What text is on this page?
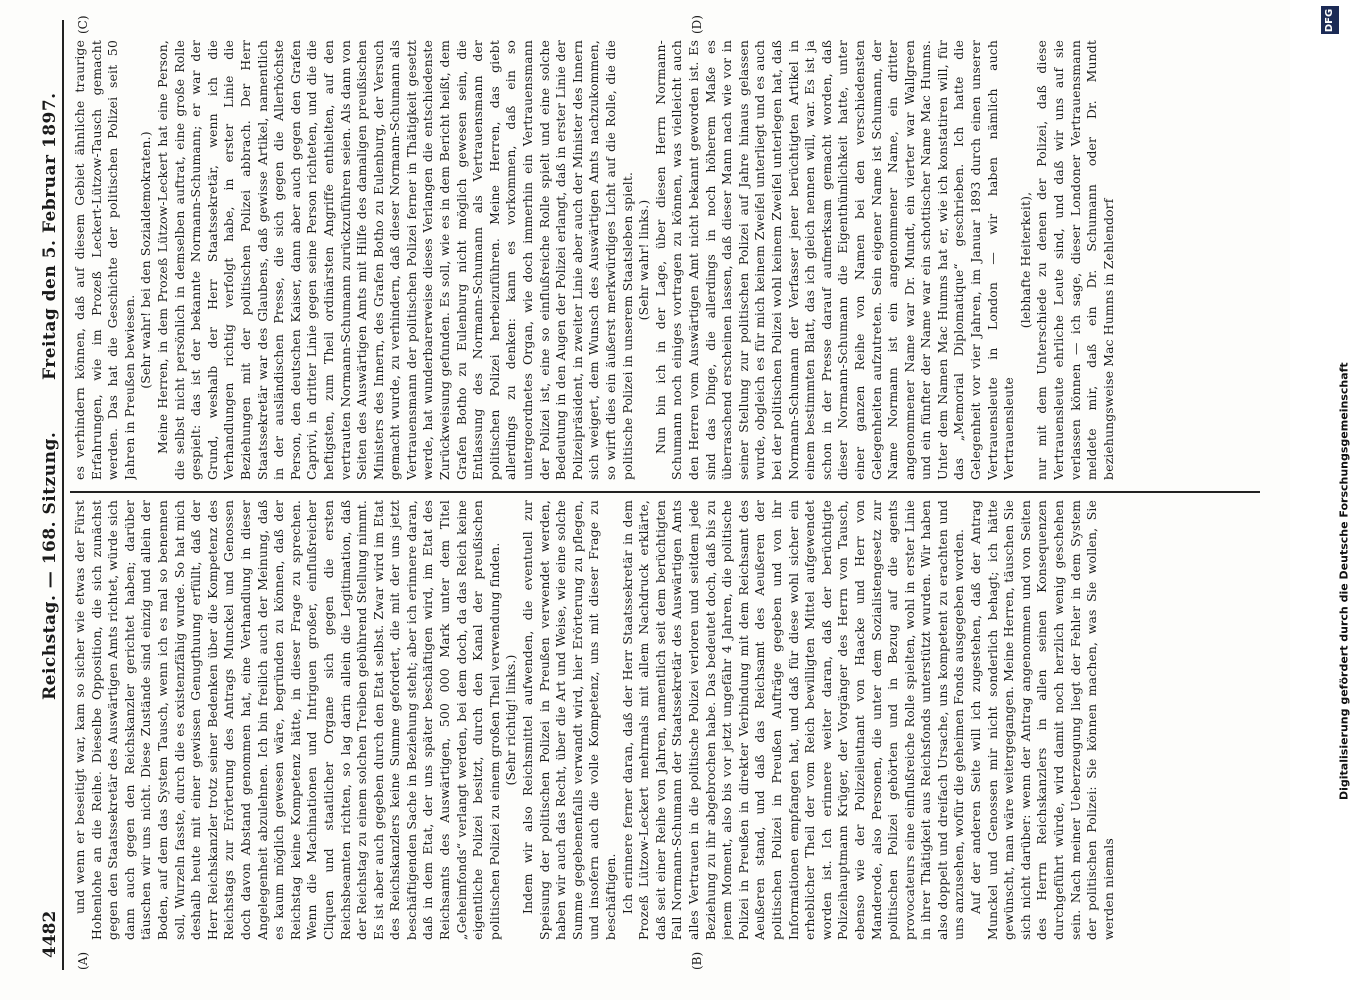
4482
Reichstag. — 168. Sitzung.
Freitag den 5. Februar 1897.
(A)	(B)
(C)	(D)

und wenn er beseitigt war, kam so sicher wie etwas der Fürst Hohenlohe an die Reihe. Dieselbe Opposition, die sich zunächst gegen den Staatssekretär des Auswärtigen Amts richtet, würde sich dann auch gegen den Reichskanzler gerichtet haben; darüber täuschen wir uns nicht. Diese Zustände sind einzig und allein der Boden, auf dem das System Tausch, wenn ich es mal so benennen soll, Wurzeln fasste, durch die es existenzfähig wurde. So hat mich deshalb heute mit einer gewissen Genugthuung erfüllt, daß der Herr Reichskanzler trotz seiner Bedenken über die Kompetenz des Reichstags zur Erörterung des Antrags Munckel und Genossen doch davon Abstand genommen hat, eine Verhandlung in dieser Angelegenheit abzulehnen. Ich bin freilich auch der Meinung, daß es kaum möglich gewesen wäre, begründen zu können, daß der Reichstag keine Kompetenz hätte, in dieser Frage zu sprechen. Wenn die Machinationen und Intriguen großer, einflußreicher Cliquen und staatlicher Organe sich gegen die ersten Reichsbeamten richten, so lag darin allein die Legitimation, daß der Reichstag zu einem solchen Treiben gebührend Stellung nimmt. Es ist aber auch gegeben durch den Etat selbst. Zwar wird im Etat des Reichskanzlers keine Summe gefordert, die mit der uns jetzt beschäftigenden Sache in Beziehung steht; aber ich erinnere daran, daß in dem Etat, der uns später beschäftigen wird, im Etat des Reichsamts des Auswärtigen, 500 000 Mark unter dem Titel „Geheimfonds“ verlangt werden, bei dem doch, da das Reich keine eigentliche Polizei besitzt, durch den Kanal der preußischen politischen Polizei zu einem großen Theil verwendung finden. (Sehr richtig! links.) Indem wir also Reichsmittel aufwenden, die eventuell zur Speisung der politischen Polizei in Preußen verwendet werden, haben wir auch das Recht, über die Art und Weise, wie eine solche Summe gegebenenfalls verwandt wird, hier Erörterung zu pflegen, und insofern auch die volle Kompetenz, uns mit dieser Frage zu beschäftigen. Ich erinnere ferner daran, daß der Herr Staatssekretär in dem Prozeß Lützow-Leckert mehrmals mit allem Nachdruck erklärte, daß seit einer Reihe von Jahren, namentlich seit dem berüchtigten Fall Normann-Schumann der Staatssekretär des Auswärtigen Amts alles Vertrauen in die politische Polizei verloren und seitdem jede Beziehung zu ihr abgebrochen habe. Das bedeutet doch, daß bis zu jenem Moment, also bis vor jetzt ungefähr 4 Jahren, die politische Polizei in Preußen in direkter Verbindung mit dem Reichsamt des Aeußeren stand, und daß das Reichsamt des Aeußeren der politischen Polizei in Preußen Aufträge gegeben und von ihr Informationen empfangen hat, und daß für diese wohl sicher ein erheblicher Theil der vom Reich bewilligten Mittel aufgewendet worden ist. Ich erinnere weiter daran, daß der berüchtigte Polizeihauptmann Krüger, der Vorgänger des Herrn von Tausch, ebenso wie der Polizeileutnant von Haacke und Herr von Manderode, also Personen, die unter dem Sozialistengesetz zur politischen Polizei gehörten und in Bezug auf die agents provocateurs eine einflußreiche Rolle spielten, wohl in erster Linie in ihrer Thätigkeit aus Reichsfonds unterstützt wurden. Wir haben also doppelt und dreifach Ursache, uns kompetent zu erachten und uns anzusehen, wofür die geheimen Fonds ausgegeben worden. Auf der anderen Seite will ich zugestehen, daß der Antrag Munckel und Genossen mir nicht sonderlich behagt; ich hätte gewünscht, man wäre weitergegangen. Meine Herren, täuschen Sie sich nicht darüber: wenn der Antrag angenommen und von Seiten des Herrn Reichskanzlers in allen seinen Konsequenzen durchgeführt würde, wird damit noch herzlich wenig geschehen sein. Nach meiner Ueberzeugung liegt der Fehler in dem System der politischen Polizei: Sie können machen, was Sie wollen, Sie werden niemals

es verhindern können, daß auf diesem Gebiet ähnliche traurige Erfahrungen, wie im Prozeß Leckert-Lützow-Tausch gemacht werden. Das hat die Geschichte der politischen Polizei seit 50 Jahren in Preußen bewiesen. (Sehr wahr! bei den Sozialdemokraten.) Meine Herren, in dem Prozeß Lützow-Leckert hat eine Person, die selbst nicht persönlich in demselben auftrat, eine große Rolle gespielt: das ist der bekannte Normann-Schumann; er war der Grund, weshalb der Herr Staatssekretär, wenn ich die Verhandlungen richtig verfolgt habe, in erster Linie die Beziehungen mit der politischen Polizei abbrach. Der Herr Staatssekretär war des Glaubens, daß gewisse Artikel, namentlich in der ausländischen Presse, die sich gegen die Allerhöchste Person, den deutschen Kaiser, dann aber auch gegen den Grafen Caprivi, in dritter Linie gegen seine Person richteten, und die die heftigsten, zum Theil ordinärsten Angriffe enthielten, auf den vertrauten Normann-Schumann zurückzuführen seien. Als dann von Seiten des Auswärtigen Amts mit Hilfe des damaligen preußischen Ministers des Innern, des Grafen Botho zu Eulenburg, der Versuch gemacht wurde, zu verhindern, daß dieser Normann-Schumann als Vertrauensmann der politischen Polizei ferner in Thätigkeit gesetzt werde, hat wunderbarerweise dieses Verlangen die entschiedenste Zurückweisung gefunden. Es soll, wie es in dem Bericht heißt, dem Grafen Botho zu Eulenburg nicht möglich gewesen sein, die Entlassung des Normann-Schumann als Vertrauensmann der politischen Polizei herbeizuführen. Meine Herren, das giebt allerdings zu denken: kann es vorkommen, daß ein so untergeordnetes Organ, wie doch immerhin ein Vertrauensmann der Polizei ist, eine so einflußreiche Rolle spielt und eine solche Bedeutung in den Augen der Polizei erlangt, daß in erster Linie der Polizeipräsident, in zweiter Linie aber auch der Minister des Innern sich weigert, dem Wunsch des Auswärtigen Amts nachzukommen, so wirft dies ein äußerst merkwürdiges Licht auf die Rolle, die die politische Polizei in unserem Staatsleben spielt. (Sehr wahr! links.) Nun bin ich in der Lage, über diesen Herrn Normann-Schumann noch einiges vortragen zu können, was vielleicht auch den Herren vom Auswärtigen Amt nicht bekannt geworden ist. Es sind das Dinge, die allerdings in noch höherem Maße es überraschend erscheinen lassen, daß dieser Mann nach wie vor in seiner Stellung zur politischen Polizei auf Jahre hinaus gelassen wurde, obgleich es für mich keinem Zweifel unterliegt und es auch bei der politischen Polizei wohl keinem Zweifel unterlegen hat, daß Normann-Schumann der Verfasser jener berüchtigten Artikel in einem bestimmten Blatt, das ich gleich nennen will, war. Es ist ja schon in der Presse darauf aufmerksam gemacht worden, daß dieser Normann-Schumann die Eigenthümlichkeit hatte, unter einer ganzen Reihe von Namen bei den verschiedensten Gelegenheiten aufzutreten. Sein eigener Name ist Schumann, der Name Normann ist ein angenommener Name, ein dritter angenommener Name war Dr. Mundt, ein vierter war Wallgreen und ein fünfter der Name war ein schottischer Name Mac Humns. Unter dem Namen Mac Humns hat er, wie ich konstatiren will, für das „Memorial Diplomatique“ geschrieben. Ich hatte die Gelegenheit vor vier Jahren, im Januar 1893 durch einen unserer Vertrauensleute in London — wir haben nämlich auch Vertrauensleute

(lebhafte Heiterkeit), nur mit dem Unterschiede zu denen der Polizei, daß diese Vertrauensleute ehrliche Leute sind, und daß wir uns auf sie verlassen können — ich sage, dieser Londoner Vertrauensmann meldete mir, daß ein Dr. Schumann oder Dr. Mundt beziehungsweise Mac Humns in Zehlendorf

DFG
Digitalisierung gefördert durch die Deutsche Forschungsgemeinschaft
